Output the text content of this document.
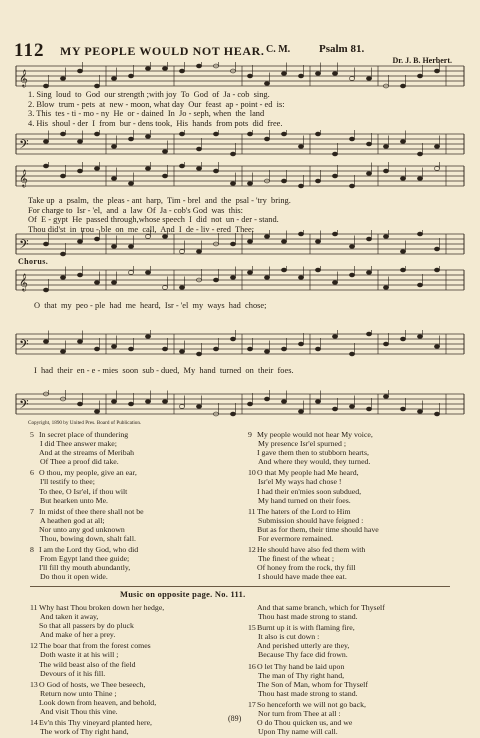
112 MY PEOPLE WOULD NOT HEAR. C. M.	Psalm 81.
Dr. J. B. Herbert.
𝄞
1. Sing  loud  to  God  our strength ;with joy  To  God  of  Ja - cob  sing.
2. Blow  trum - pets  at  new - moon, what day  Our  feast  ap - point - ed  is:
3. This  tes - ti - mo - ny  He  or - dained  In  Jo - seph, when  the  land
4. His  shoul - der  I  from  bur - dens took,  His  hands  from pots  did  free.
𝄢
𝄞
Take up  a  psalm,  the  pleas - ant  harp,  Tim - brel  and  the  psal - 'try  bring.
For charge to  Isr - 'el,  and  a  law  Of  Ja - cob's God  was  this:
Of  E - gypt  He  passed through,whose speech  I  did  not  un - der - stand.
Thou did'st  in  trou - ble  on  me  call,  And  I  de - liv - ered  Thee:
𝄢
Chorus.
𝄞
O  that  my  peo - ple  had  me  heard,  Isr - 'el  my  ways  had  chose;
𝄢
I  had  their  en - e - mies  soon  sub - dued,  My  hand  turned  on  their  foes.
𝄢
Copyright, 1890 by United Pres. Board of Publication.
5 In secret place of thundering
I did Thee answer make;
And at the streams of Meribah
Of Thee a proof did take.
6 O thou, my people, give an ear,
I'll testify to thee;
To thee, O Isr'el, if thou wilt
But hearken unto Me.
7 In midst of thee there shall not be
A heathen god at all;
Nor unto any god unknown
Thou, bowing down, shalt fall.
8 I am the Lord thy God, who did
From Egypt land thee guide;
I'll fill thy mouth abundantly,
Do thou it open wide.
9 My people would not hear My voice,
My presence Isr'el spurned ;
I gave them then to stubborn hearts,
And where they would, they turned.
10O that My people had Me heard,
Isr'el My ways had chose !
I had their en'mies soon subdued,
My hand turned on their foes.
11The haters of the Lord to Him
Submission should have feigned :
But as for them, their time should have
For evermore remained.
12He should have also fed them with
The finest of the wheat ;
Of honey from the rock, thy fill
I should have made thee eat.
Music on opposite page. No. 111.
11Why hast Thou broken down her hedge,
And taken it away,
So that all passers by do pluck
And make of her a prey.
12The boar that from the forest comes
Doth waste it at his will ;
The wild beast also of the field
Devours of it his fill.
13O God of hosts, we Thee beseech,
Return now unto Thine ;
Look down from heaven, and behold,
And visit Thou this vine.
14Ev'n this Thy vineyard planted here,
The work of Thy right hand,
And that same branch, which for Thyself
Thou hast made strong to stand.
15Burnt up it is with flaming fire,
It also is cut down :
And perished utterly are they,
Because Thy face did frown.
16O let Thy hand be laid upon
The man of Thy right hand,
The Son of Man, whom for Thyself
Thou hast made strong to stand.
17So henceforth we will not go back,
Nor turn from Thee at all :
O do Thou quicken us, and we
Upon Thy name will call.
(89)
